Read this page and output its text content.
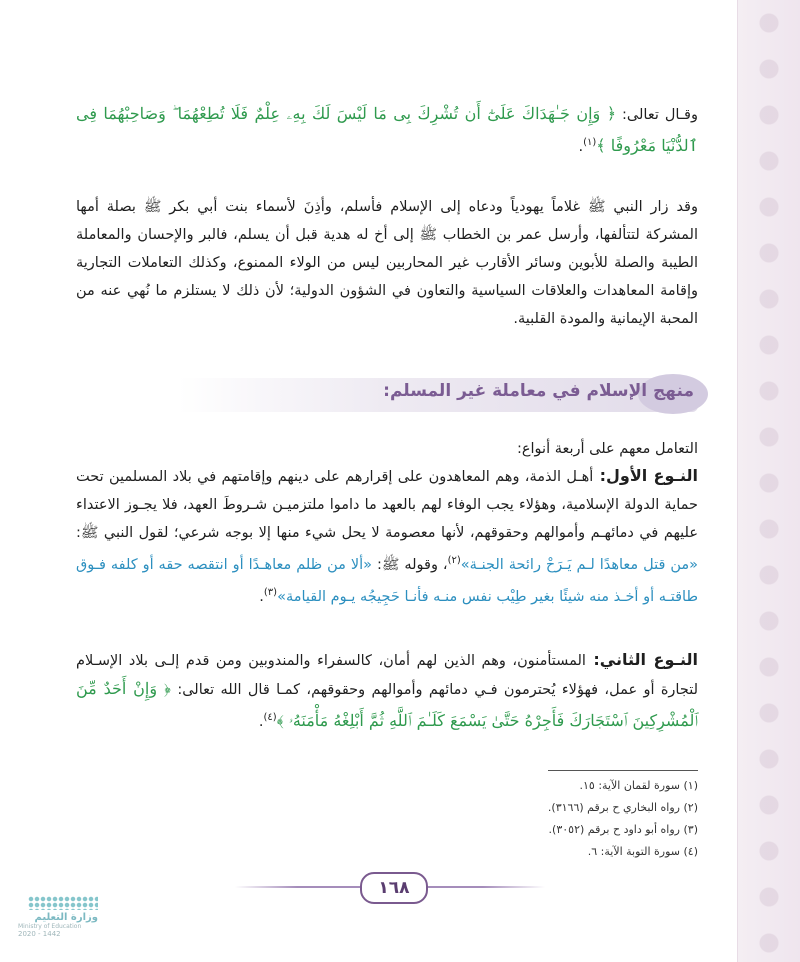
وقـال تعالى: ﴿ وَإِن جَـٰهَدَاكَ عَلَىٰٓ أَن تُشْرِكَ بِى مَا لَيْسَ لَكَ بِهِۦ عِلْمٌ فَلَا تُطِعْهُمَا ۖ وَصَاحِبْهُمَا فِى ٱلدُّنْيَا مَعْرُوفًا ﴾$^{(١)}$.

وقد زار النبي ﷺ غلاماً يهودياً ودعاه إلى الإسلام فأسلم، وأذِنَ لأسماء بنت أبي بكر ﷺ بصلة أمها المشركة لتتألفها، وأرسل عمر بن الخطاب ﷺ إلى أخ له هدية قبل أن يسلم، فالبر والإحسان والمعاملة الطيبة والصلة للأبوين وسائر الأقارب غير المحاربين ليس من الولاء الممنوع، وكذلك التعاملات التجارية وإقامة المعاهدات والعلاقات السياسية والتعاون في الشؤون الدولية؛ لأن ذلك لا يستلزم ما نُهي عنه من المحبة الإيمانية والمودة القلبية.

منهج الإسلام في معاملة غير المسلم:

التعامل معهم على أربعة أنواع:

النـوع الأول: أهـل الذمة، وهم المعاهدون على إقرارهم على دينهم وإقامتهم في بلاد المسلمين تحت حماية الدولة الإسلامية، وهؤلاء يجب الوفاء لهم بالعهد ما داموا ملتزميـن شـروطَ العهد، فلا يجـوز الاعتداء عليهم في دمائهـم وأموالهم وحقوقهم، لأنها معصومة لا يحل شيء منها إلا بوجه شرعي؛ لقول النبي ﷺ: «من قتل معاهدًا لـم يَـرَحْ رائحة الجنـة»$^{(٢)}$، وقوله ﷺ: «ألا من ظلم معاهـدًا أو انتقصه حقه أو كلفه فـوق طاقتـه أو أخـذ منه شيئًا بغير طِيْب نفس منـه فأنـا حَجِيجُه يـوم القيامة»$^{(٣)}$.

النـوع الثاني: المستأمنون، وهم الذين لهم أمان، كالسفراء والمندوبين ومن قدم إلـى بلاد الإسـلام لتجارة أو عمل، فهؤلاء يُحترمون فـي دمائهم وأموالهم وحقوقهم، كمـا قال الله تعالى: ﴿ وَإِنْ أَحَدٌ مِّنَ ٱلْمُشْرِكِينَ ٱسْتَجَارَكَ فَأَجِرْهُ حَتَّىٰ يَسْمَعَ كَلَـٰمَ ٱللَّهِ ثُمَّ أَبْلِغْهُ مَأْمَنَهُۥ ﴾$^{(٤)}$.

(١) سورة لقمان الآية: ١٥.
(٢) رواه البخاري ح برقم (٣١٦٦).
(٣) رواه أبو داود ح برقم (٣٠٥٢).
(٤) سورة التوبة الآية: ٦.
١٦٨
وزارة التعليم
Ministry of Education
2020 - 1442
